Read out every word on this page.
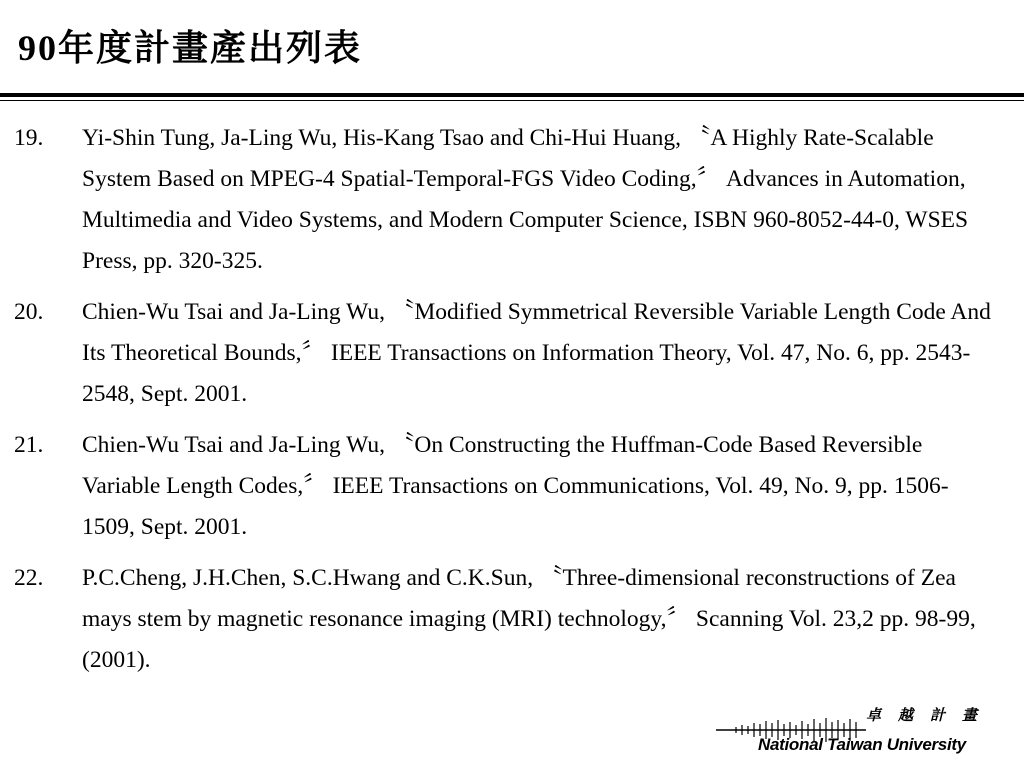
90年度計畫產出列表
19. Yi-Shin Tung, Ja-Ling Wu, His-Kang Tsao and Chi-Hui Huang, 〝A Highly Rate-Scalable System Based on MPEG-4 Spatial-Temporal-FGS Video Coding,〞 Advances in Automation, Multimedia and Video Systems, and Modern Computer Science, ISBN 960-8052-44-0, WSES Press, pp. 320-325.
20. Chien-Wu Tsai and Ja-Ling Wu, 〝Modified Symmetrical Reversible Variable Length Code And Its Theoretical Bounds,〞 IEEE Transactions on Information Theory, Vol. 47, No. 6, pp. 2543-2548, Sept. 2001.
21. Chien-Wu Tsai and Ja-Ling Wu, 〝On Constructing the Huffman-Code Based Reversible Variable Length Codes,〞 IEEE Transactions on Communications, Vol. 49, No. 9, pp. 1506-1509, Sept. 2001.
22. P.C.Cheng, J.H.Chen, S.C.Hwang and C.K.Sun, 〝Three-dimensional reconstructions of Zea mays stem by magnetic resonance imaging (MRI) technology,〞 Scanning Vol. 23,2 pp. 98-99, (2001).
卓越計畫
National Taiwan University
